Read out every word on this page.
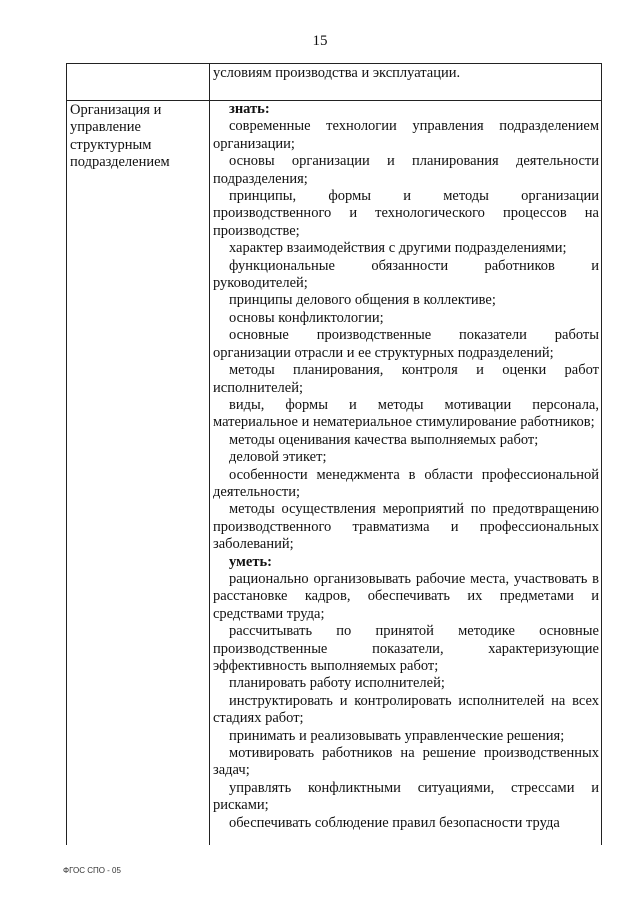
15
условиям производства и эксплуатации.
Организация и управление структурным подразделением

знать:

современные технологии управления подразделением организации;

основы организации и планирования деятельности подразделения;

принципы, формы и методы организации производственного и технологического процессов на производстве;

характер взаимодействия с другими подразделениями;

функциональные обязанности работников и руководителей;

принципы делового общения в коллективе;

основы конфликтологии;

основные производственные показатели работы организации отрасли и ее структурных подразделений;

методы планирования, контроля и оценки работ исполнителей;

виды, формы и методы мотивации персонала, материальное и нематериальное стимулирование работников;

методы оценивания качества выполняемых работ;

деловой этикет;

особенности менеджмента в области профессиональной деятельности;

методы осуществления мероприятий по предотвращению производственного травматизма и профессиональных заболеваний;

уметь:

рационально организовывать рабочие места, участвовать в расстановке кадров, обеспечивать их предметами и средствами труда;

рассчитывать по принятой методике основные производственные показатели, характеризующие эффективность выполняемых работ;

планировать работу исполнителей;

инструктировать и контролировать исполнителей на всех стадиях работ;

принимать и реализовывать управленческие решения;

мотивировать работников на решение производственных задач;

управлять конфликтными ситуациями, стрессами и рисками;

обеспечивать соблюдение правил безопасности труда

ФГОС СПО - 05
